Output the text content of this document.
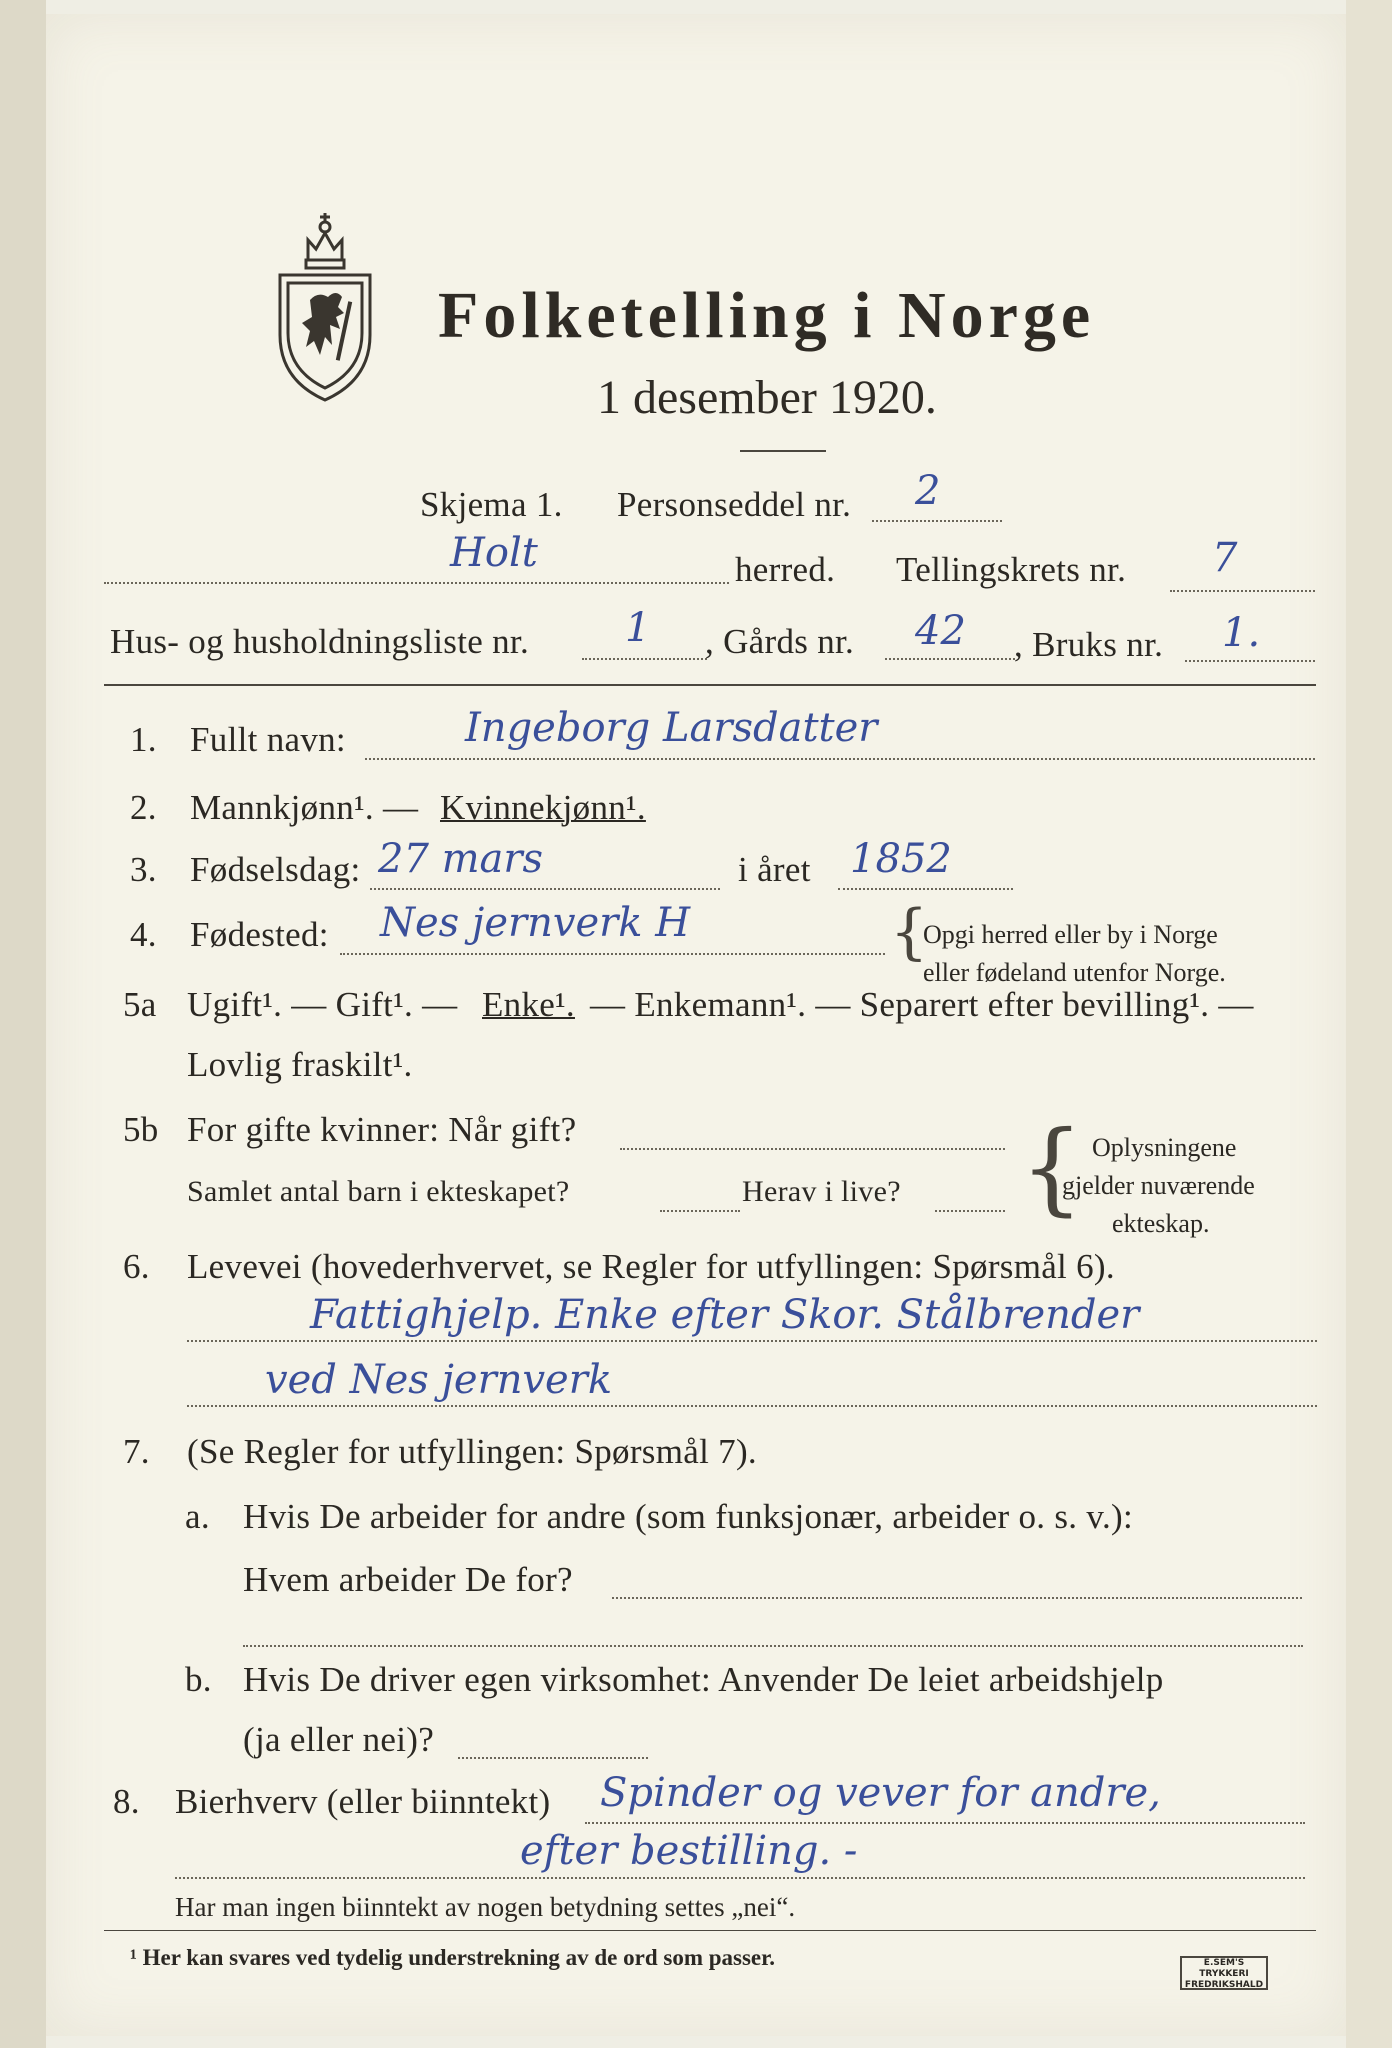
Folketelling i Norge
1 desember 1920.
Skjema 1. Personseddel nr. 2
Holt	herred. Tellingskrets nr. 7
Hus- og husholdningsliste nr. 1 , Gårds nr. 42 , Bruks nr. 1.
1. Fullt navn:	Ingeborg Larsdatter
2. Mannkjønn¹. — Kvinnekjønn¹.
3. Fødselsdag: 27 mars	i året 1852
4. Fødested: Nes jernverk H	{
Opgi herred eller by i Norge
eller fødeland utenfor Norge.
5a Ugift¹. — Gift¹. — Enke¹. — Enkemann¹. — Separert efter bevilling¹. —
Lovlig fraskilt¹.
5b For gifte kvinner: Når gift?
Samlet antal barn i ekteskapet?	Herav i live? { Oplysningene
gjelder nuværende
ekteskap.
6. Levevei (hovederhvervet, se Regler for utfyllingen: Spørsmål 6).
Fattighjelp. Enke efter Skor. Stålbrender
ved Nes jernverk
7. (Se Regler for utfyllingen: Spørsmål 7).
a. Hvis De arbeider for andre (som funksjonær, arbeider o. s. v.):
Hvem arbeider De for?
b. Hvis De driver egen virksomhet: Anvender De leiet arbeidshjelp
(ja eller nei)?
8. Bierhverv (eller biinntekt) Spinder og vever for andre,
efter bestilling. -
Har man ingen biinntekt av nogen betydning settes „nei“.
¹ Her kan svares ved tydelig understrekning av de ord som passer.	E.SEM'S TRYKKERI
FREDRIKSHALD
